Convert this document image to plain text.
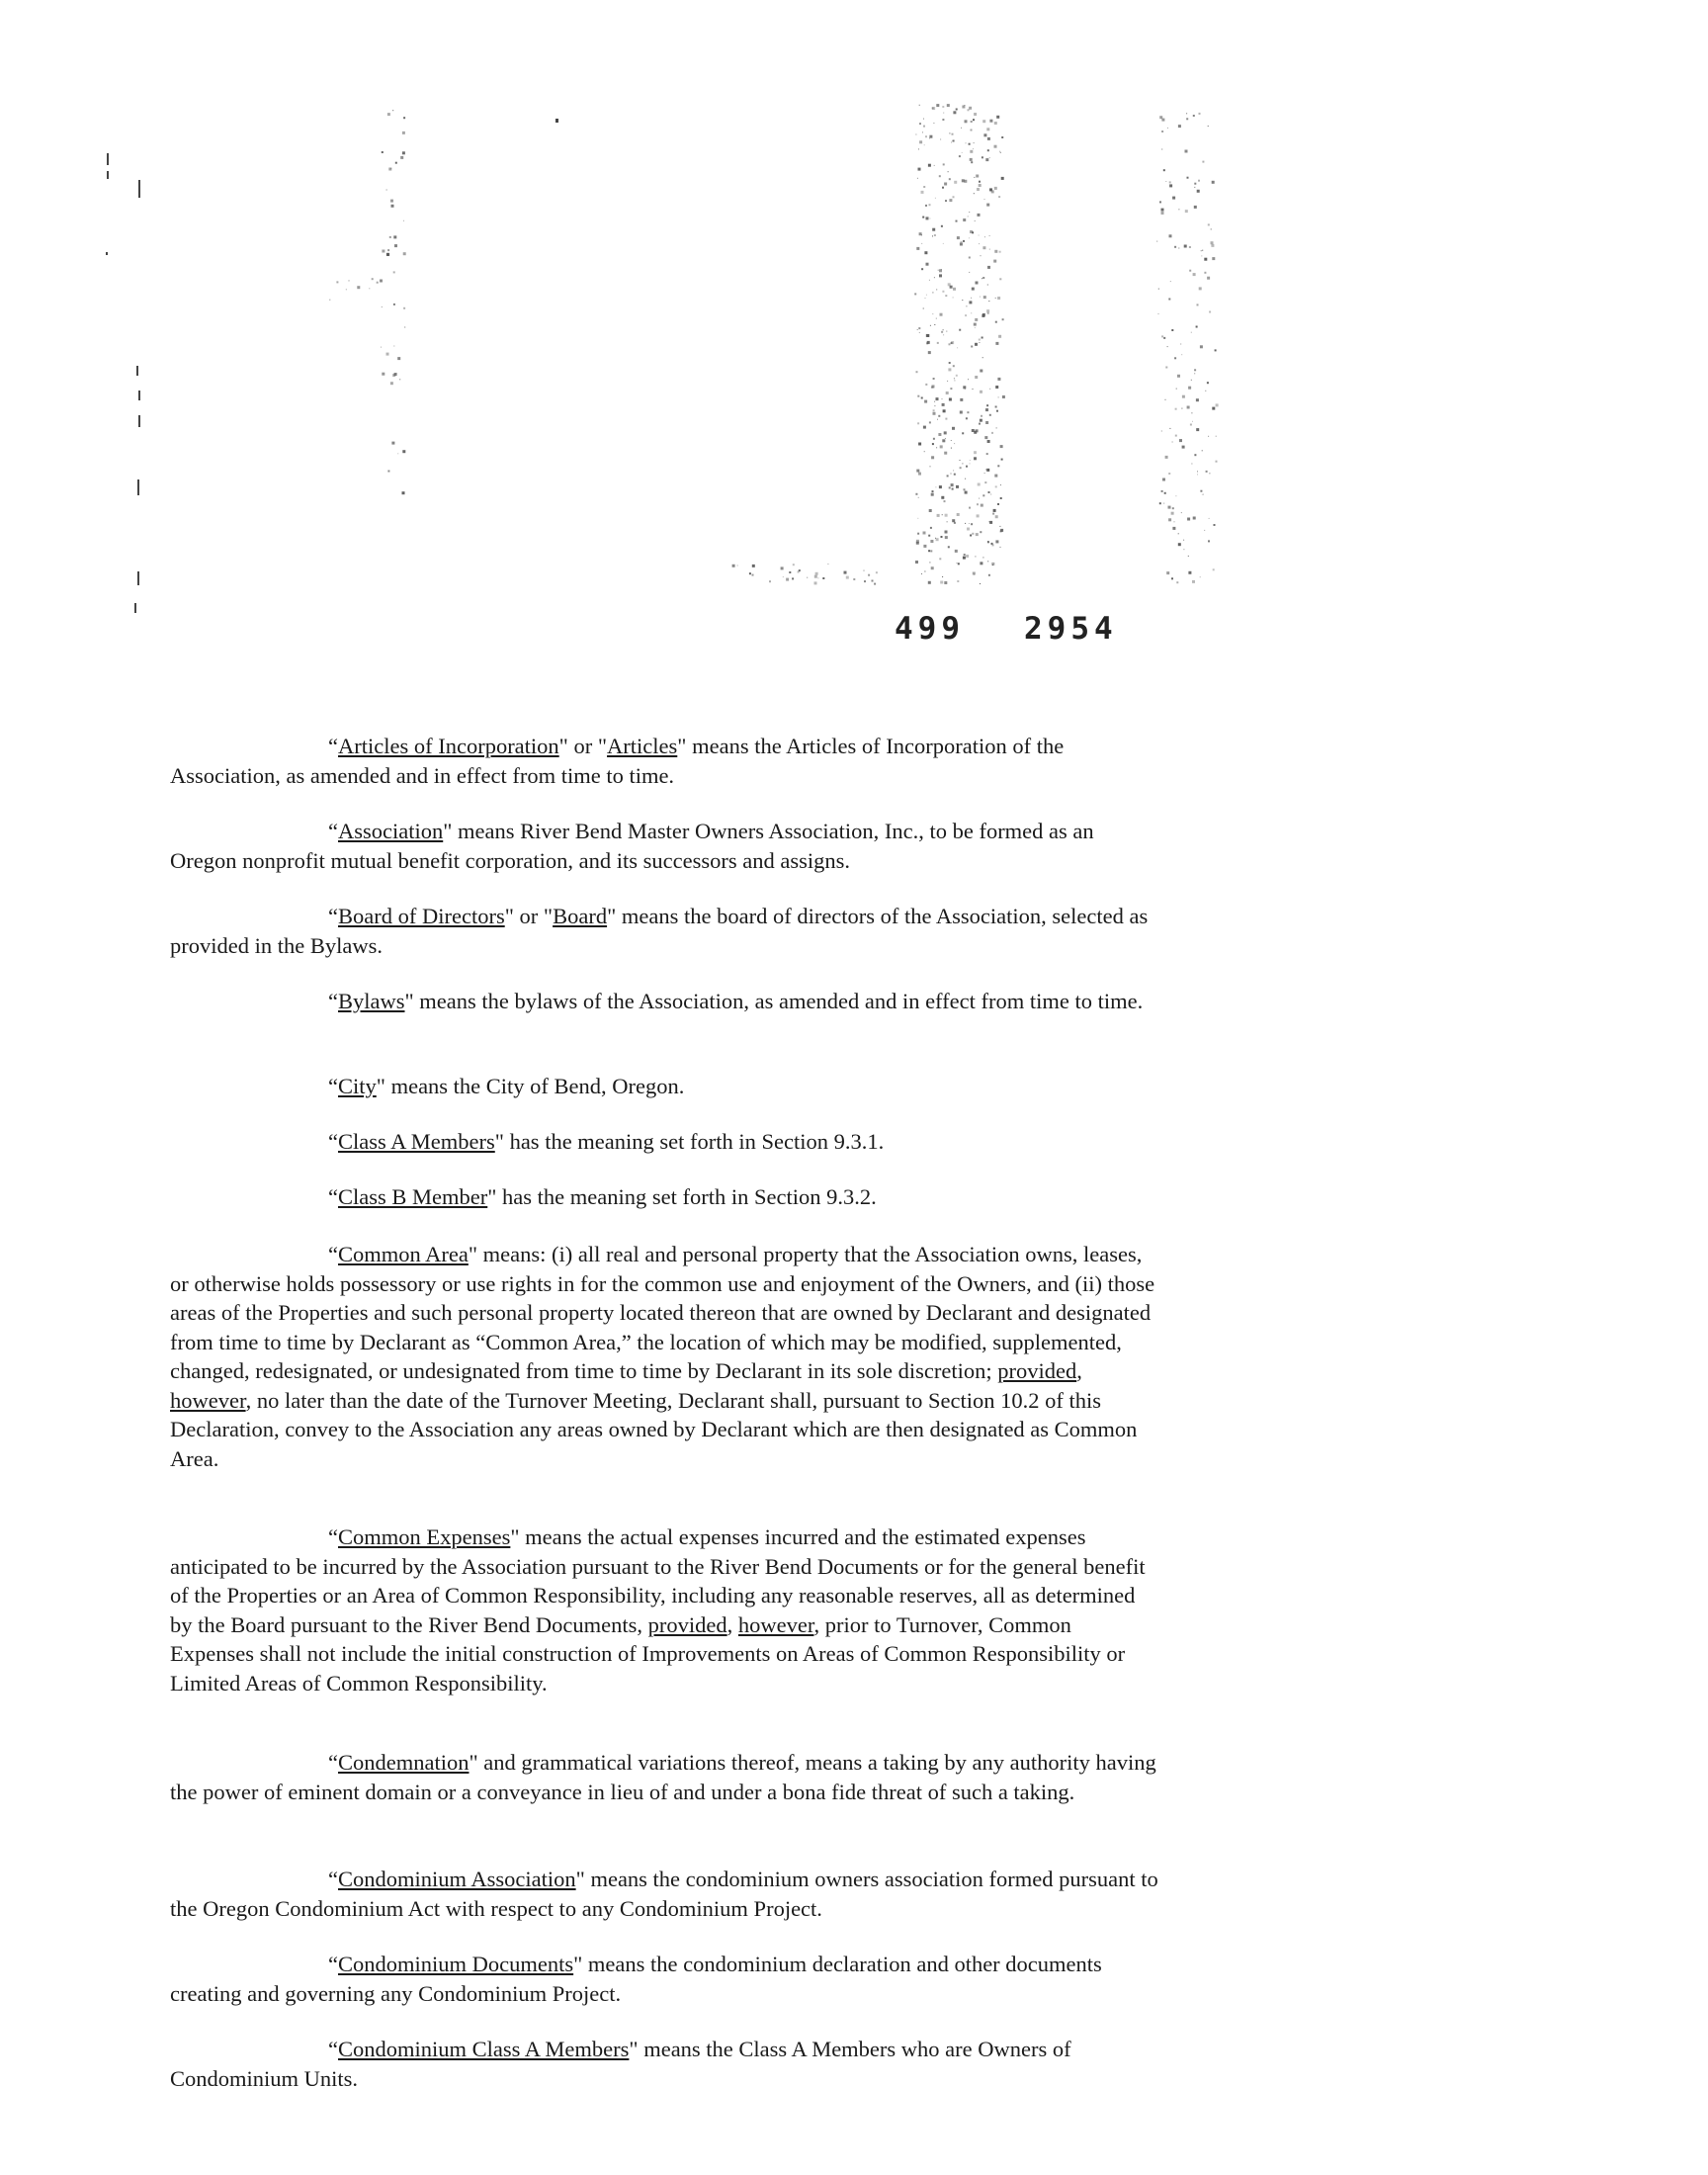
499 2954

“Articles of Incorporation" or "Articles" means the Articles of Incorporation of the Association, as amended and in effect from time to time.

“Association" means River Bend Master Owners Association, Inc., to be formed as an Oregon nonprofit mutual benefit corporation, and its successors and assigns.

“Board of Directors" or "Board" means the board of directors of the Association, selected as provided in the Bylaws.

“Bylaws" means the bylaws of the Association, as amended and in effect from time to time.

“City" means the City of Bend, Oregon.

“Class A Members" has the meaning set forth in Section 9.3.1.

“Class B Member" has the meaning set forth in Section 9.3.2.

“Common Area" means: (i) all real and personal property that the Association owns, leases, or otherwise holds possessory or use rights in for the common use and enjoyment of the Owners, and (ii) those areas of the Properties and such personal property located thereon that are owned by Declarant and designated from time to time by Declarant as “Common Area,” the location of which may be modified, supplemented, changed, redesignated, or undesignated from time to time by Declarant in its sole discretion; provided, however, no later than the date of the Turnover Meeting, Declarant shall, pursuant to Section 10.2 of this Declaration, convey to the Association any areas owned by Declarant which are then designated as Common Area.

“Common Expenses" means the actual expenses incurred and the estimated expenses anticipated to be incurred by the Association pursuant to the River Bend Documents or for the general benefit of the Properties or an Area of Common Responsibility, including any reasonable reserves, all as determined by the Board pursuant to the River Bend Documents, provided, however, prior to Turnover, Common Expenses shall not include the initial construction of Improvements on Areas of Common Responsibility or Limited Areas of Common Responsibility.

“Condemnation" and grammatical variations thereof, means a taking by any authority having the power of eminent domain or a conveyance in lieu of and under a bona fide threat of such a taking.

“Condominium Association" means the condominium owners association formed pursuant to the Oregon Condominium Act with respect to any Condominium Project.

“Condominium Documents" means the condominium declaration and other documents creating and governing any Condominium Project.

“Condominium Class A Members" means the Class A Members who are Owners of Condominium Units.
